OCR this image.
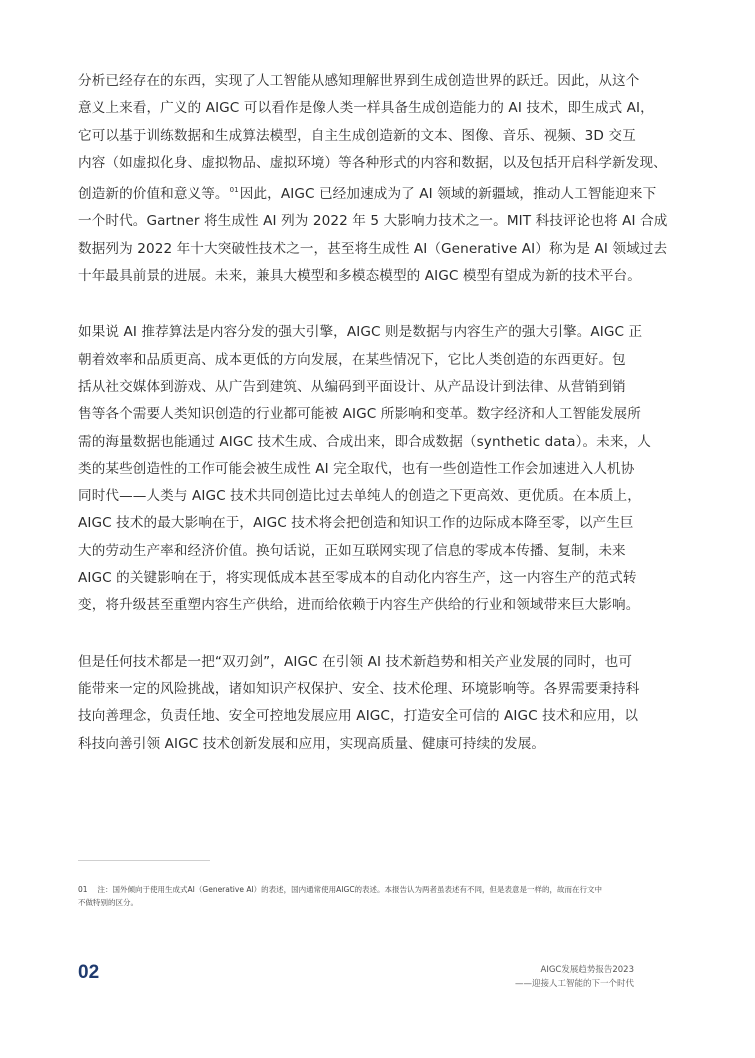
分析已经存在的东西，实现了人工智能从感知理解世界到生成创造世界的跃迁。因此，从这个
意义上来看，广义的 AIGC 可以看作是像人类一样具备生成创造能力的 AI 技术，即生成式 AI，
它可以基于训练数据和生成算法模型，自主生成创造新的文本、图像、音乐、视频、3D 交互
内容（如虚拟化身、虚拟物品、虚拟环境）等各种形式的内容和数据，以及包括开启科学新发现、
创造新的价值和意义等。$^{01}$因此，AIGC 已经加速成为了 AI 领域的新疆域，推动人工智能迎来下
一个时代。Gartner 将生成性 AI 列为 2022 年 5 大影响力技术之一。MIT 科技评论也将 AI 合成
数据列为 2022 年十大突破性技术之一，甚至将生成性 AI（Generative AI）称为是 AI 领域过去
十年最具前景的进展。未来，兼具大模型和多模态模型的 AIGC 模型有望成为新的技术平台。

如果说 AI 推荐算法是内容分发的强大引擎，AIGC 则是数据与内容生产的强大引擎。AIGC 正
朝着效率和品质更高、成本更低的方向发展，在某些情况下，它比人类创造的东西更好。包
括从社交媒体到游戏、从广告到建筑、从编码到平面设计、从产品设计到法律、从营销到销
售等各个需要人类知识创造的行业都可能被 AIGC 所影响和变革。数字经济和人工智能发展所
需的海量数据也能通过 AIGC 技术生成、合成出来，即合成数据（synthetic data）。未来，人
类的某些创造性的工作可能会被生成性 AI 完全取代，也有一些创造性工作会加速进入人机协
同时代——人类与 AIGC 技术共同创造比过去单纯人的创造之下更高效、更优质。在本质上，
AIGC 技术的最大影响在于，AIGC 技术将会把创造和知识工作的边际成本降至零，以产生巨
大的劳动生产率和经济价值。换句话说，正如互联网实现了信息的零成本传播、复制，未来
AIGC 的关键影响在于，将实现低成本甚至零成本的自动化内容生产，这一内容生产的范式转
变，将升级甚至重塑内容生产供给，进而给依赖于内容生产供给的行业和领域带来巨大影响。

但是任何技术都是一把“双刃剑”，AIGC 在引领 AI 技术新趋势和相关产业发展的同时，也可
能带来一定的风险挑战，诸如知识产权保护、安全、技术伦理、环境影响等。各界需要秉持科
技向善理念，负责任地、安全可控地发展应用 AIGC，打造安全可信的 AIGC 技术和应用，以
科技向善引领 AIGC 技术创新发展和应用，实现高质量、健康可持续的发展。

01 注：国外倾向于使用生成式AI（Generative AI）的表述，国内通常使用AIGC的表述。本报告认为两者虽表述有不同，但是表意是一样的，故而在行文中
不做特别的区分。
02	AIGC发展趋势报告2023
——迎接人工智能的下一个时代
